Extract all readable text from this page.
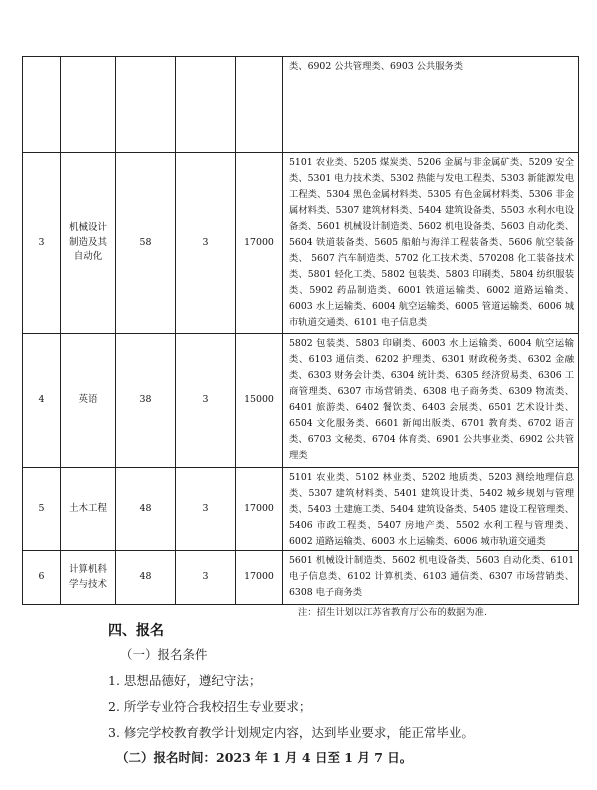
					类、6902 公共管理类、6903 公共服务类
3	机械设计制造及其自动化	58	3	17000	5101 农业类、5205 煤炭类、5206 金属与非金属矿类、5209 安全类、5301 电力技术类、5302 热能与发电工程类、5303 新能源发电工程类、5304 黑色金属材料类、5305 有色金属材料类、5306 非金属材料类、5307 建筑材料类、5404 建筑设备类、5503 水利水电设备类、5601 机械设计制造类、5602 机电设备类、5603 自动化类、5604 铁道装备类、5605 船舶与海洋工程装备类、5606 航空装备类、 5607 汽车制造类、5702 化工技术类、570208 化工装备技术类、5801 轻化工类、5802 包装类、5803 印刷类、5804 纺织服装类、5902 药品制造类、6001 铁道运输类、6002 道路运输类、6003 水上运输类、6004 航空运输类、6005 管道运输类、6006 城市轨道交通类、6101 电子信息类
4	英语	38	3	15000	5802 包装类、5803 印刷类、6003 水上运输类、6004 航空运输类、6103 通信类、6202 护理类、6301 财政税务类、6302 金融类、6303 财务会计类、6304 统计类、6305 经济贸易类、6306 工商管理类、6307 市场营销类、6308 电子商务类、6309 物流类、6401 旅游类、6402 餐饮类、6403 会展类、6501 艺术设计类、6504 文化服务类、6601 新闻出版类、6701 教育类、6702 语言类、6703 文秘类、6704 体育类、6901 公共事业类、6902 公共管理类
5	土木工程	48	3	17000	5101 农业类、5102 林业类、5202 地质类、5203 测绘地理信息类、5307 建筑材料类、5401 建筑设计类、5402 城乡规划与管理类、5403 土建施工类、5404 建筑设备类、5405 建设工程管理类、5406 市政工程类、5407 房地产类、5502 水利工程与管理类、6002 道路运输类、6003 水上运输类、6006 城市轨道交通类
6	计算机科学与技术	48	3	17000	5601 机械设计制造类、5602 机电设备类、5603 自动化类、6101 电子信息类、6102 计算机类、6103 通信类、6307 市场营销类、6308 电子商务类
注：招生计划以江苏省教育厅公布的数据为准.
四、报名
（一）报名条件
1. 思想品德好，遵纪守法；
2. 所学专业符合我校招生专业要求；
3. 修完学校教育教学计划规定内容，达到毕业要求，能正常毕业。
（二）报名时间：2023 年 1 月 4 日至 1 月 7 日。
